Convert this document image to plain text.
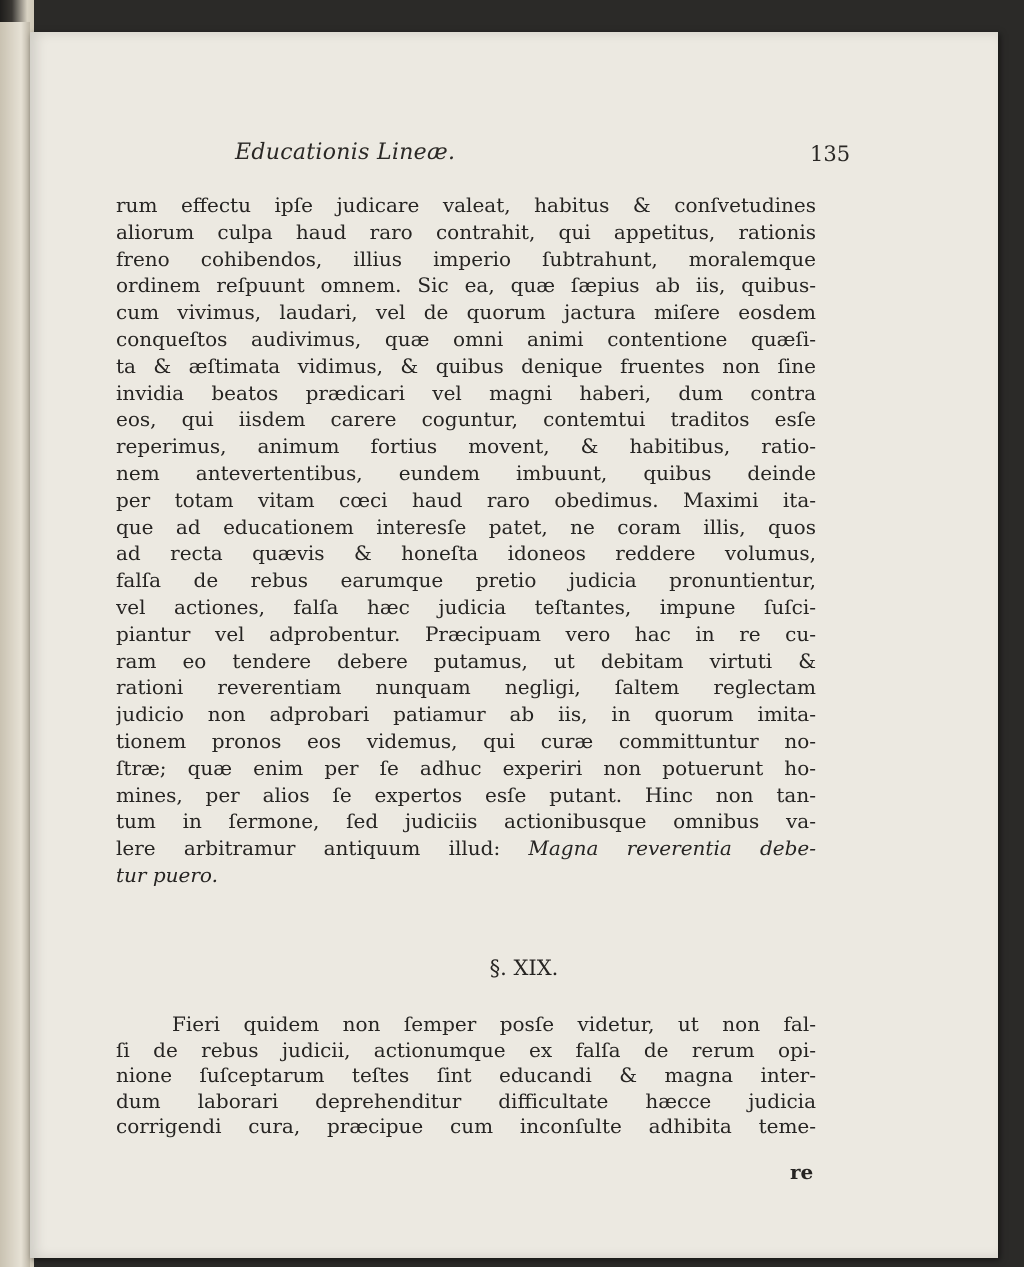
Educationis Lineæ.	135
rum effectu ipſe judicare valeat, habitus & conſvetudines
aliorum culpa haud raro contrahit, qui appetitus, rationis
freno cohibendos, illius imperio ſubtrahunt, moralemque
ordinem reſpuunt omnem. Sic ea, quæ ſæpius ab iis, quibus-
cum vivimus, laudari, vel de quorum jactura miſere eosdem
conqueſtos audivimus, quæ omni animi contentione quæſi-
ta & æſtimata vidimus, & quibus denique fruentes non ſine
invidia beatos prædicari vel magni haberi, dum contra
eos, qui iisdem carere coguntur, contemtui traditos esſe
reperimus, animum fortius movent, & habitibus, ratio-
nem antevertentibus, eundem imbuunt, quibus deinde
per totam vitam cœci haud raro obedimus. Maximi ita-
que ad educationem interesſe patet, ne coram illis, quos
ad recta quævis & honeſta idoneos reddere volumus,
falſa de rebus earumque pretio judicia pronuntientur,
vel actiones, falſa hæc judicia teſtantes, impune ſuſci-
piantur vel adprobentur. Præcipuam vero hac in re cu-
ram eo tendere debere putamus, ut debitam virtuti &
rationi reverentiam nunquam negligi, ſaltem reglectam
judicio non adprobari patiamur ab iis, in quorum imita-
tionem pronos eos videmus, qui curæ committuntur no-
ſtræ; quæ enim per ſe adhuc experiri non potuerunt ho-
mines, per alios ſe expertos esſe putant. Hinc non tan-
tum in ſermone, ſed judiciis actionibusque omnibus va-
lere arbitramur antiquum illud: Magna reverentia debe-
tur puero.
§. XIX.
Fieri quidem non ſemper posſe videtur, ut non fal-
ſi de rebus judicii, actionumque ex falſa de rerum opi-
nione ſuſceptarum teſtes ſint educandi & magna inter-
dum laborari deprehenditur difficultate hæcce judicia
corrigendi cura, præcipue cum inconſulte adhibita teme-
re
